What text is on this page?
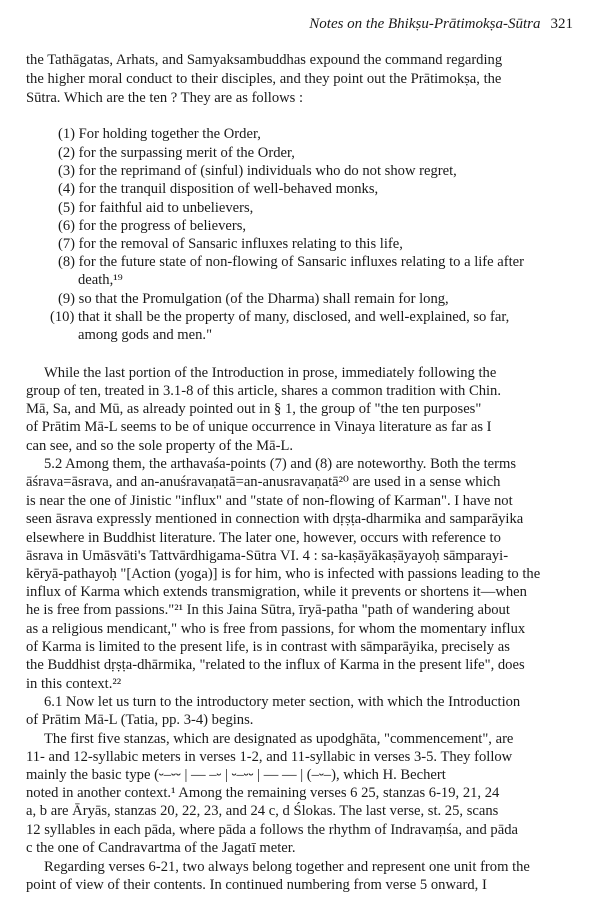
Notes on the Bhikṣu-Prātimokṣa-Sūtra 321
the Tathāgatas, Arhats, and Samyaksambuddhas expound the command regarding
the higher moral conduct to their disciples, and they point out the Prātimokṣa, the
Sūtra. Which are the ten ? They are as follows :
(1) For holding together the Order,
(2) for the surpassing merit of the Order,
(3) for the reprimand of (sinful) individuals who do not show regret,
(4) for the tranquil disposition of well-behaved monks,
(5) for faithful aid to unbelievers,
(6) for the progress of believers,
(7) for the removal of Sansaric influxes relating to this life,
(8) for the future state of non-flowing of Sansaric influxes relating to a life after
death,¹⁹
(9) so that the Promulgation (of the Dharma) shall remain for long,
(10) that it shall be the property of many, disclosed, and well-explained, so far,
among gods and men."
While the last portion of the Introduction in prose, immediately following the
group of ten, treated in 3.1-8 of this article, shares a common tradition with Chin.
Mā, Sa, and Mū, as already pointed out in § 1, the group of "the ten purposes"
of Prātim Mā-L seems to be of unique occurrence in Vinaya literature as far as I
can see, and so the sole property of the Mā-L.
5.2 Among them, the arthavaśa-points (7) and (8) are noteworthy. Both the terms
āśrava=āsrava, and an-anuśravaṇatā=an-anusravaṇatā²⁰ are used in a sense which
is near the one of Jinistic "influx" and "state of non-flowing of Karman". I have not
seen āsrava expressly mentioned in connection with dṛṣṭa-dharmika and samparāyika
elsewhere in Buddhist literature. The later one, however, occurs with reference to
āsrava in Umāsvāti's Tattvārdhigama-Sūtra VI. 4 : sa-kaṣāyākaṣāyayoḥ sāmparayi-
kēryā-pathayoḥ "[Action (yoga)] is for him, who is infected with passions leading to the
influx of Karma which extends transmigration, while it prevents or shortens it—when
he is free from passions."²¹ In this Jaina Sūtra, īryā-patha "path of wandering about
as a religious mendicant," who is free from passions, for whom the momentary influx
of Karma is limited to the present life, is in contrast with sāmparāyika, precisely as
the Buddhist dṛṣṭa-dhārmika, "related to the influx of Karma in the present life", does
in this context.²²
6.1 Now let us turn to the introductory meter section, with which the Introduction
of Prātim Mā-L (Tatia, pp. 3-4) begins.
The first five stanzas, which are designated as upodghāta, "commencement", are
11- and 12-syllabic meters in verses 1-2, and 11-syllabic in verses 3-5. They follow
mainly the basic type (⏑–⏑⏑ | — –⏑ | ⏑–⏑⏑ | — — | (–⏑–), which H. Bechert
noted in another context.¹ Among the remaining verses 6 25, stanzas 6-19, 21, 24
a, b are Āryās, stanzas 20, 22, 23, and 24 c, d Ślokas. The last verse, st. 25, scans
12 syllables in each pāda, where pāda a follows the rhythm of Indravaṃśa, and pāda
c the one of Candravartma of the Jagatī meter.
Regarding verses 6-21, two always belong together and represent one unit from the
point of view of their contents. In continued numbering from verse 5 onward, I
